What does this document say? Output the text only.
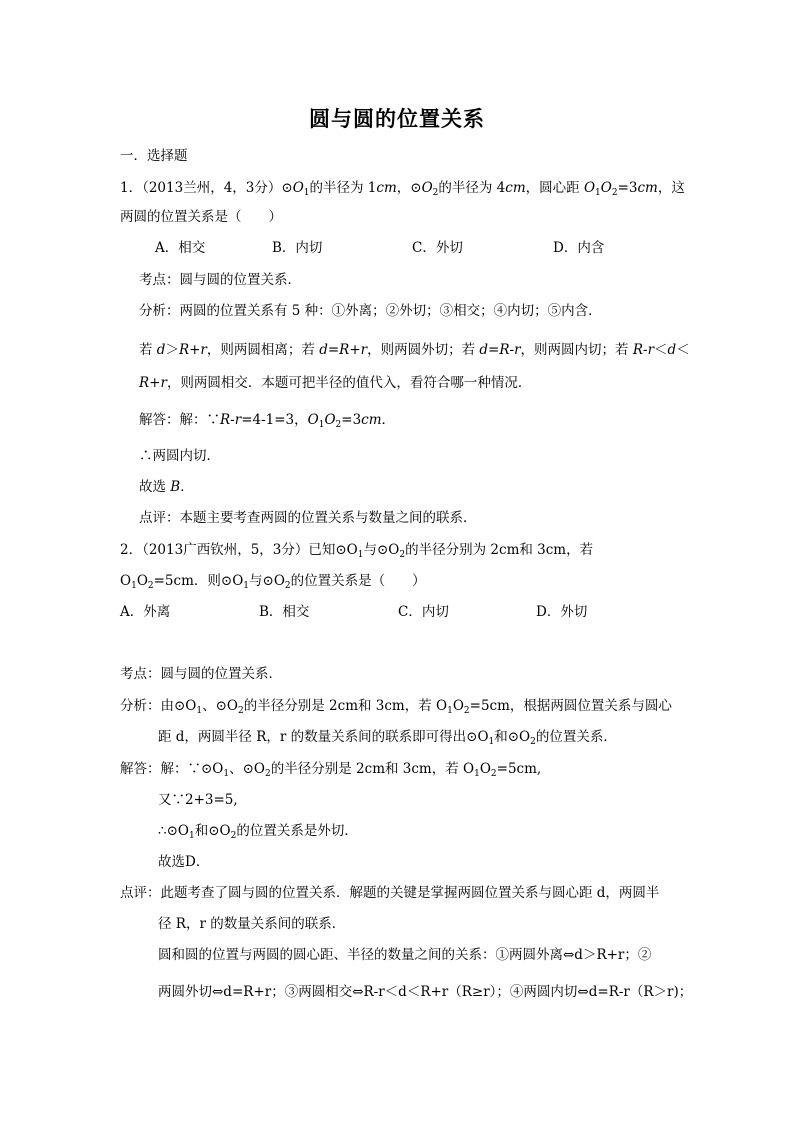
圆与圆的位置关系
一．选择题
1．（2013兰州，4，3分）$⊙O_1$的半径为 1cm，$⊙O_2$的半径为 4cm，圆心距 $O_1O_2=3cm$，这
两圆的位置关系是（　　）
A．相交	B．内切	C．外切	D．内含
考点：圆与圆的位置关系．
分析：两圆的位置关系有 5 种：①外离；②外切；③相交；④内切；⑤内含．
若 d＞R+r，则两圆相离；若 d=R+r，则两圆外切；若 d=R-r，则两圆内切；若 R-r＜d＜
R+r，则两圆相交．本题可把半径的值代入，看符合哪一种情况．
解答：解：∵R-r=4-1=3，$O_1O_2=3cm$．
∴两圆内切．
故选 B．
点评：本题主要考查两圆的位置关系与数量之间的联系．
2．（2013广西钦州，5，3分）已知$⊙O_1$与$⊙O_2$的半径分别为 2cm和 3cm，若
$O_1O_2=5cm$．则$⊙O_1$与$⊙O_2$的位置关系是（　　）
A．外离	B．相交	C．内切	D．外切
考点：圆与圆的位置关系．
分析：由$⊙O_1$、$⊙O_2$的半径分别是 2cm和 3cm，若 $O_1O_2=5cm$，根据两圆位置关系与圆心
距 d，两圆半径 R，r 的数量关系间的联系即可得出$⊙O_1$和$⊙O_2$的位置关系．
解答：解：$\because⊙O_1$、$⊙O_2$的半径分别是 2cm和 3cm，若 $O_1O_2=5cm$,
又∵2+3=5,
$\therefore⊙O_1$和$⊙O_2$的位置关系是外切．
故选D．
点评：此题考查了圆与圆的位置关系．解题的关键是掌握两圆位置关系与圆心距 d，两圆半
径 R，r 的数量关系间的联系．
圆和圆的位置与两圆的圆心距、半径的数量之间的关系：①两圆外离⇔d＞R+r；②
两圆外切⇔d=R+r；③两圆相交⇔R-r＜d＜R+r（R≥r）；④两圆内切⇔d=R-r（R＞r)；
